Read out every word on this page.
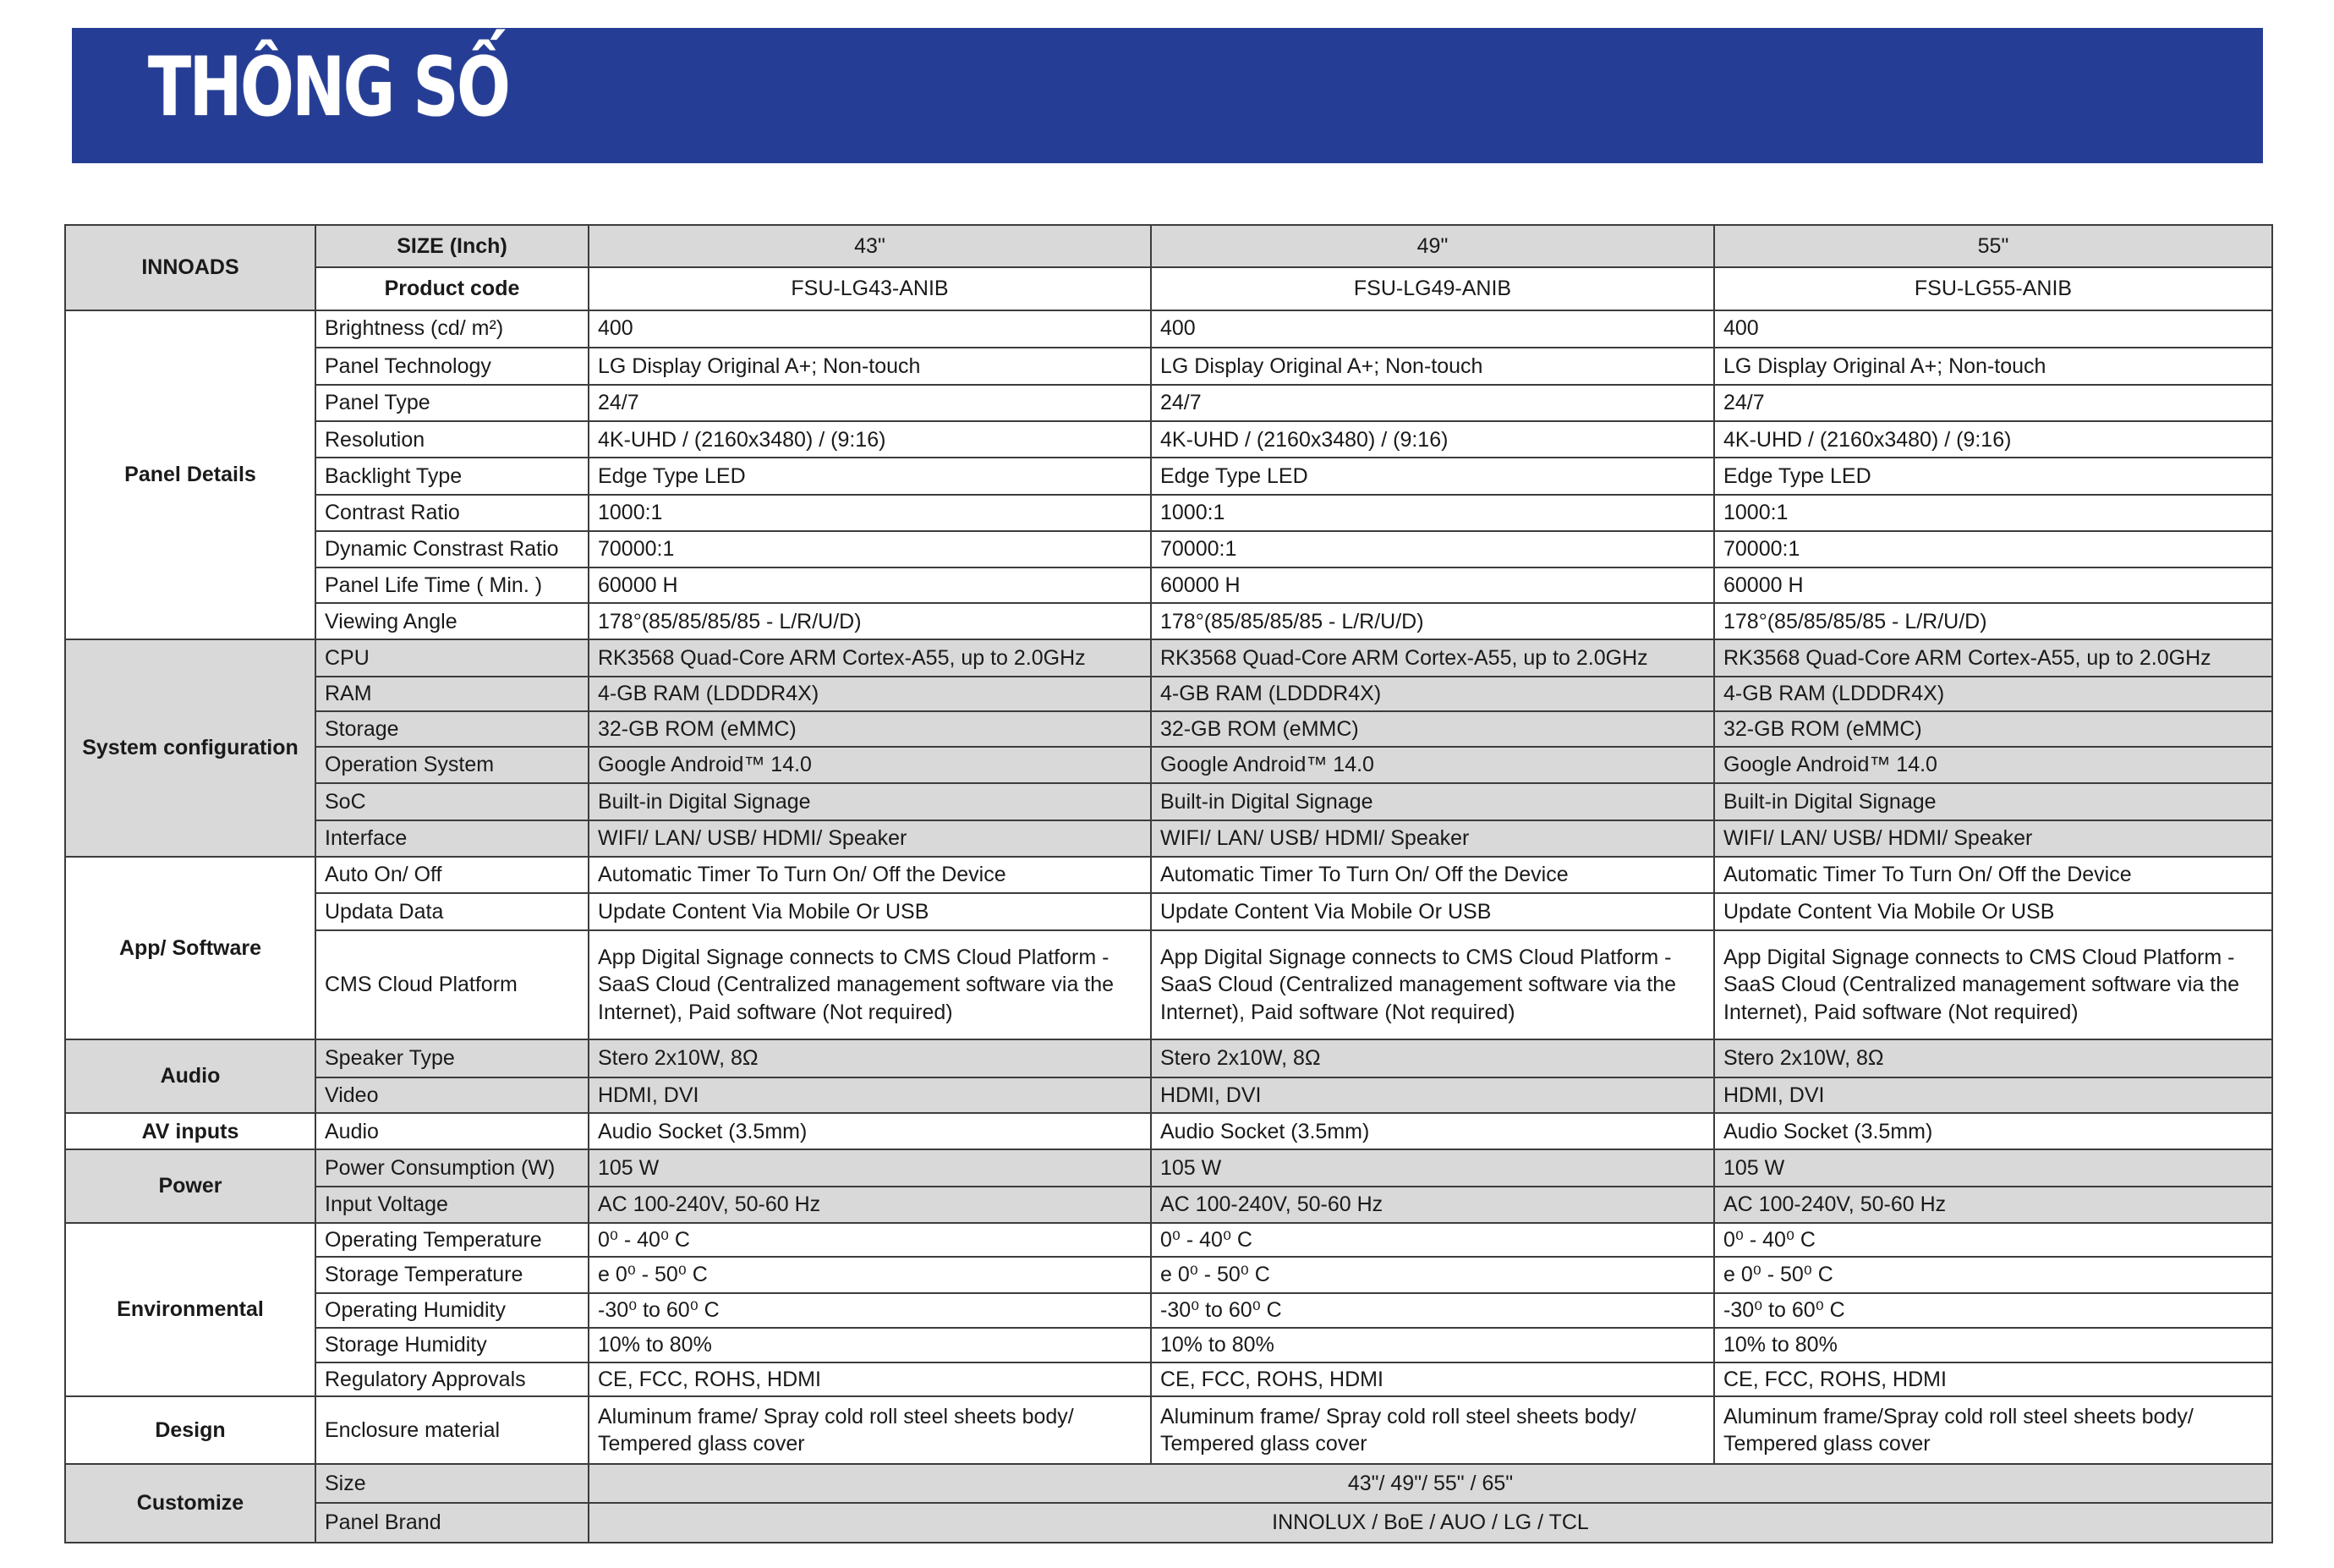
THÔNG SỐ
INNOADS	SIZE (Inch)	43"	49"	55"
	Product code	FSU-LG43-ANIB	FSU-LG49-ANIB	FSU-LG55-ANIB
Panel Details	Brightness (cd/ m²)	400	400	400
	Panel Technology	LG Display Original A+; Non-touch	LG Display Original A+; Non-touch	LG Display Original A+; Non-touch
	Panel Type	24/7	24/7	24/7
	Resolution	4K-UHD / (2160x3480) / (9:16)	4K-UHD / (2160x3480) / (9:16)	4K-UHD / (2160x3480) / (9:16)
	Backlight Type	Edge Type LED	Edge Type LED	Edge Type LED
	Contrast Ratio	1000:1	1000:1	1000:1
	Dynamic Constrast Ratio	70000:1	70000:1	70000:1
	Panel Life Time ( Min. )	60000 H	60000 H	60000 H
	Viewing Angle	178°(85/85/85/85 - L/R/U/D)	178°(85/85/85/85 - L/R/U/D)	178°(85/85/85/85 - L/R/U/D)
System configuration	CPU	RK3568 Quad-Core ARM Cortex-A55, up to 2.0GHz	RK3568 Quad-Core ARM Cortex-A55, up to 2.0GHz	RK3568 Quad-Core ARM Cortex-A55, up to 2.0GHz
	RAM	4-GB RAM (LDDDR4X)	4-GB RAM (LDDDR4X)	4-GB RAM (LDDDR4X)
	Storage	32-GB ROM (eMMC)	32-GB ROM (eMMC)	32-GB ROM (eMMC)
	Operation System	Google Android™ 14.0	Google Android™ 14.0	Google Android™ 14.0
	SoC	Built-in Digital Signage	Built-in Digital Signage	Built-in Digital Signage
	Interface	WIFI/ LAN/ USB/ HDMI/ Speaker	WIFI/ LAN/ USB/ HDMI/ Speaker	WIFI/ LAN/ USB/ HDMI/ Speaker
App/ Software	Auto On/ Off	Automatic Timer To Turn On/ Off the Device	Automatic Timer To Turn On/ Off the Device	Automatic Timer To Turn On/ Off the Device
	Updata Data	Update Content Via Mobile Or USB	Update Content Via Mobile Or USB	Update Content Via Mobile Or USB
	CMS Cloud Platform	App Digital Signage connects to CMS Cloud Platform - SaaS Cloud (Centralized management software via the Internet), Paid software (Not required)	App Digital Signage connects to CMS Cloud Platform - SaaS Cloud (Centralized management software via the Internet), Paid software (Not required)	App Digital Signage connects to CMS Cloud Platform - SaaS Cloud (Centralized management software via the Internet), Paid software (Not required)
Audio	Speaker Type	Stero 2x10W, 8Ω	Stero 2x10W, 8Ω	Stero 2x10W, 8Ω
	Video	HDMI, DVI	HDMI, DVI	HDMI, DVI
AV inputs	Audio	Audio Socket (3.5mm)	Audio Socket (3.5mm)	Audio Socket (3.5mm)
Power	Power Consumption (W)	105 W	105 W	105 W
	Input Voltage	AC 100-240V, 50-60 Hz	AC 100-240V, 50-60 Hz	AC 100-240V, 50-60 Hz
Environmental	Operating Temperature	0⁰ - 40⁰ C	0⁰ - 40⁰ C	0⁰ - 40⁰ C
	Storage Temperature	e 0⁰ - 50⁰ C	e 0⁰ - 50⁰ C	e 0⁰ - 50⁰ C
	Operating Humidity	-30⁰ to 60⁰ C	-30⁰ to 60⁰ C	-30⁰ to 60⁰ C
	Storage Humidity	10% to 80%	10% to 80%	10% to 80%
	Regulatory Approvals	CE, FCC, ROHS, HDMI	CE, FCC, ROHS, HDMI	CE, FCC, ROHS, HDMI
Design	Enclosure material	Aluminum frame/ Spray cold roll steel sheets body/ Tempered glass cover	Aluminum frame/ Spray cold roll steel sheets body/ Tempered glass cover	Aluminum frame/Spray cold roll steel sheets body/ Tempered glass cover
Customize	Size	43"/ 49"/ 55" / 65"		
	Panel Brand	INNOLUX / BoE / AUO / LG / TCL		
